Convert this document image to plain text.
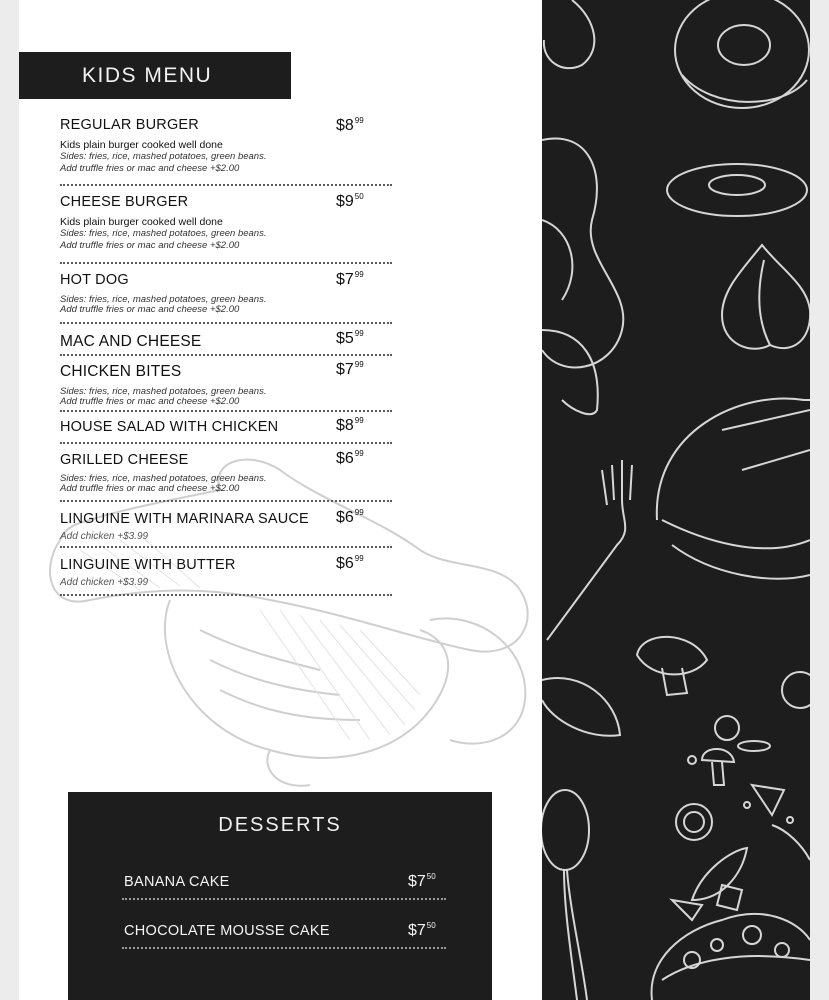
KIDS MENU
REGULAR BURGER	$\$8^{99}$
Kids plain burger cooked well done
Sides: fries, rice, mashed potatoes, green beans.
Add truffle fries or mac and cheese +$2.00
CHEESE BURGER	$\$9^{50}$
Kids plain burger cooked well done
Sides: fries, rice, mashed potatoes, green beans.
Add truffle fries or mac and cheese +$2.00
HOT DOG	$\$7^{99}$
Sides: fries, rice, mashed potatoes, green beans.
Add truffle fries or mac and cheese +$2.00
MAC AND CHEESE	$\$5^{99}$
CHICKEN BITES	$\$7^{99}$
Sides: fries, rice, mashed potatoes, green beans.
Add truffle fries or mac and cheese +$2.00
HOUSE SALAD WITH CHICKEN	$\$8^{99}$
GRILLED CHEESE	$\$6^{99}$
Sides: fries, rice, mashed potatoes, green beans.
Add truffle fries or mac and cheese +$2.00
LINGUINE WITH MARINARA SAUCE	$\$6^{99}$
Add chicken +$3.99
LINGUINE WITH BUTTER	$\$6^{99}$
Add chicken +$3.99
DESSERTS
BANANA CAKE	$\$7^{50}$
CHOCOLATE MOUSSE CAKE	$\$7^{50}$
